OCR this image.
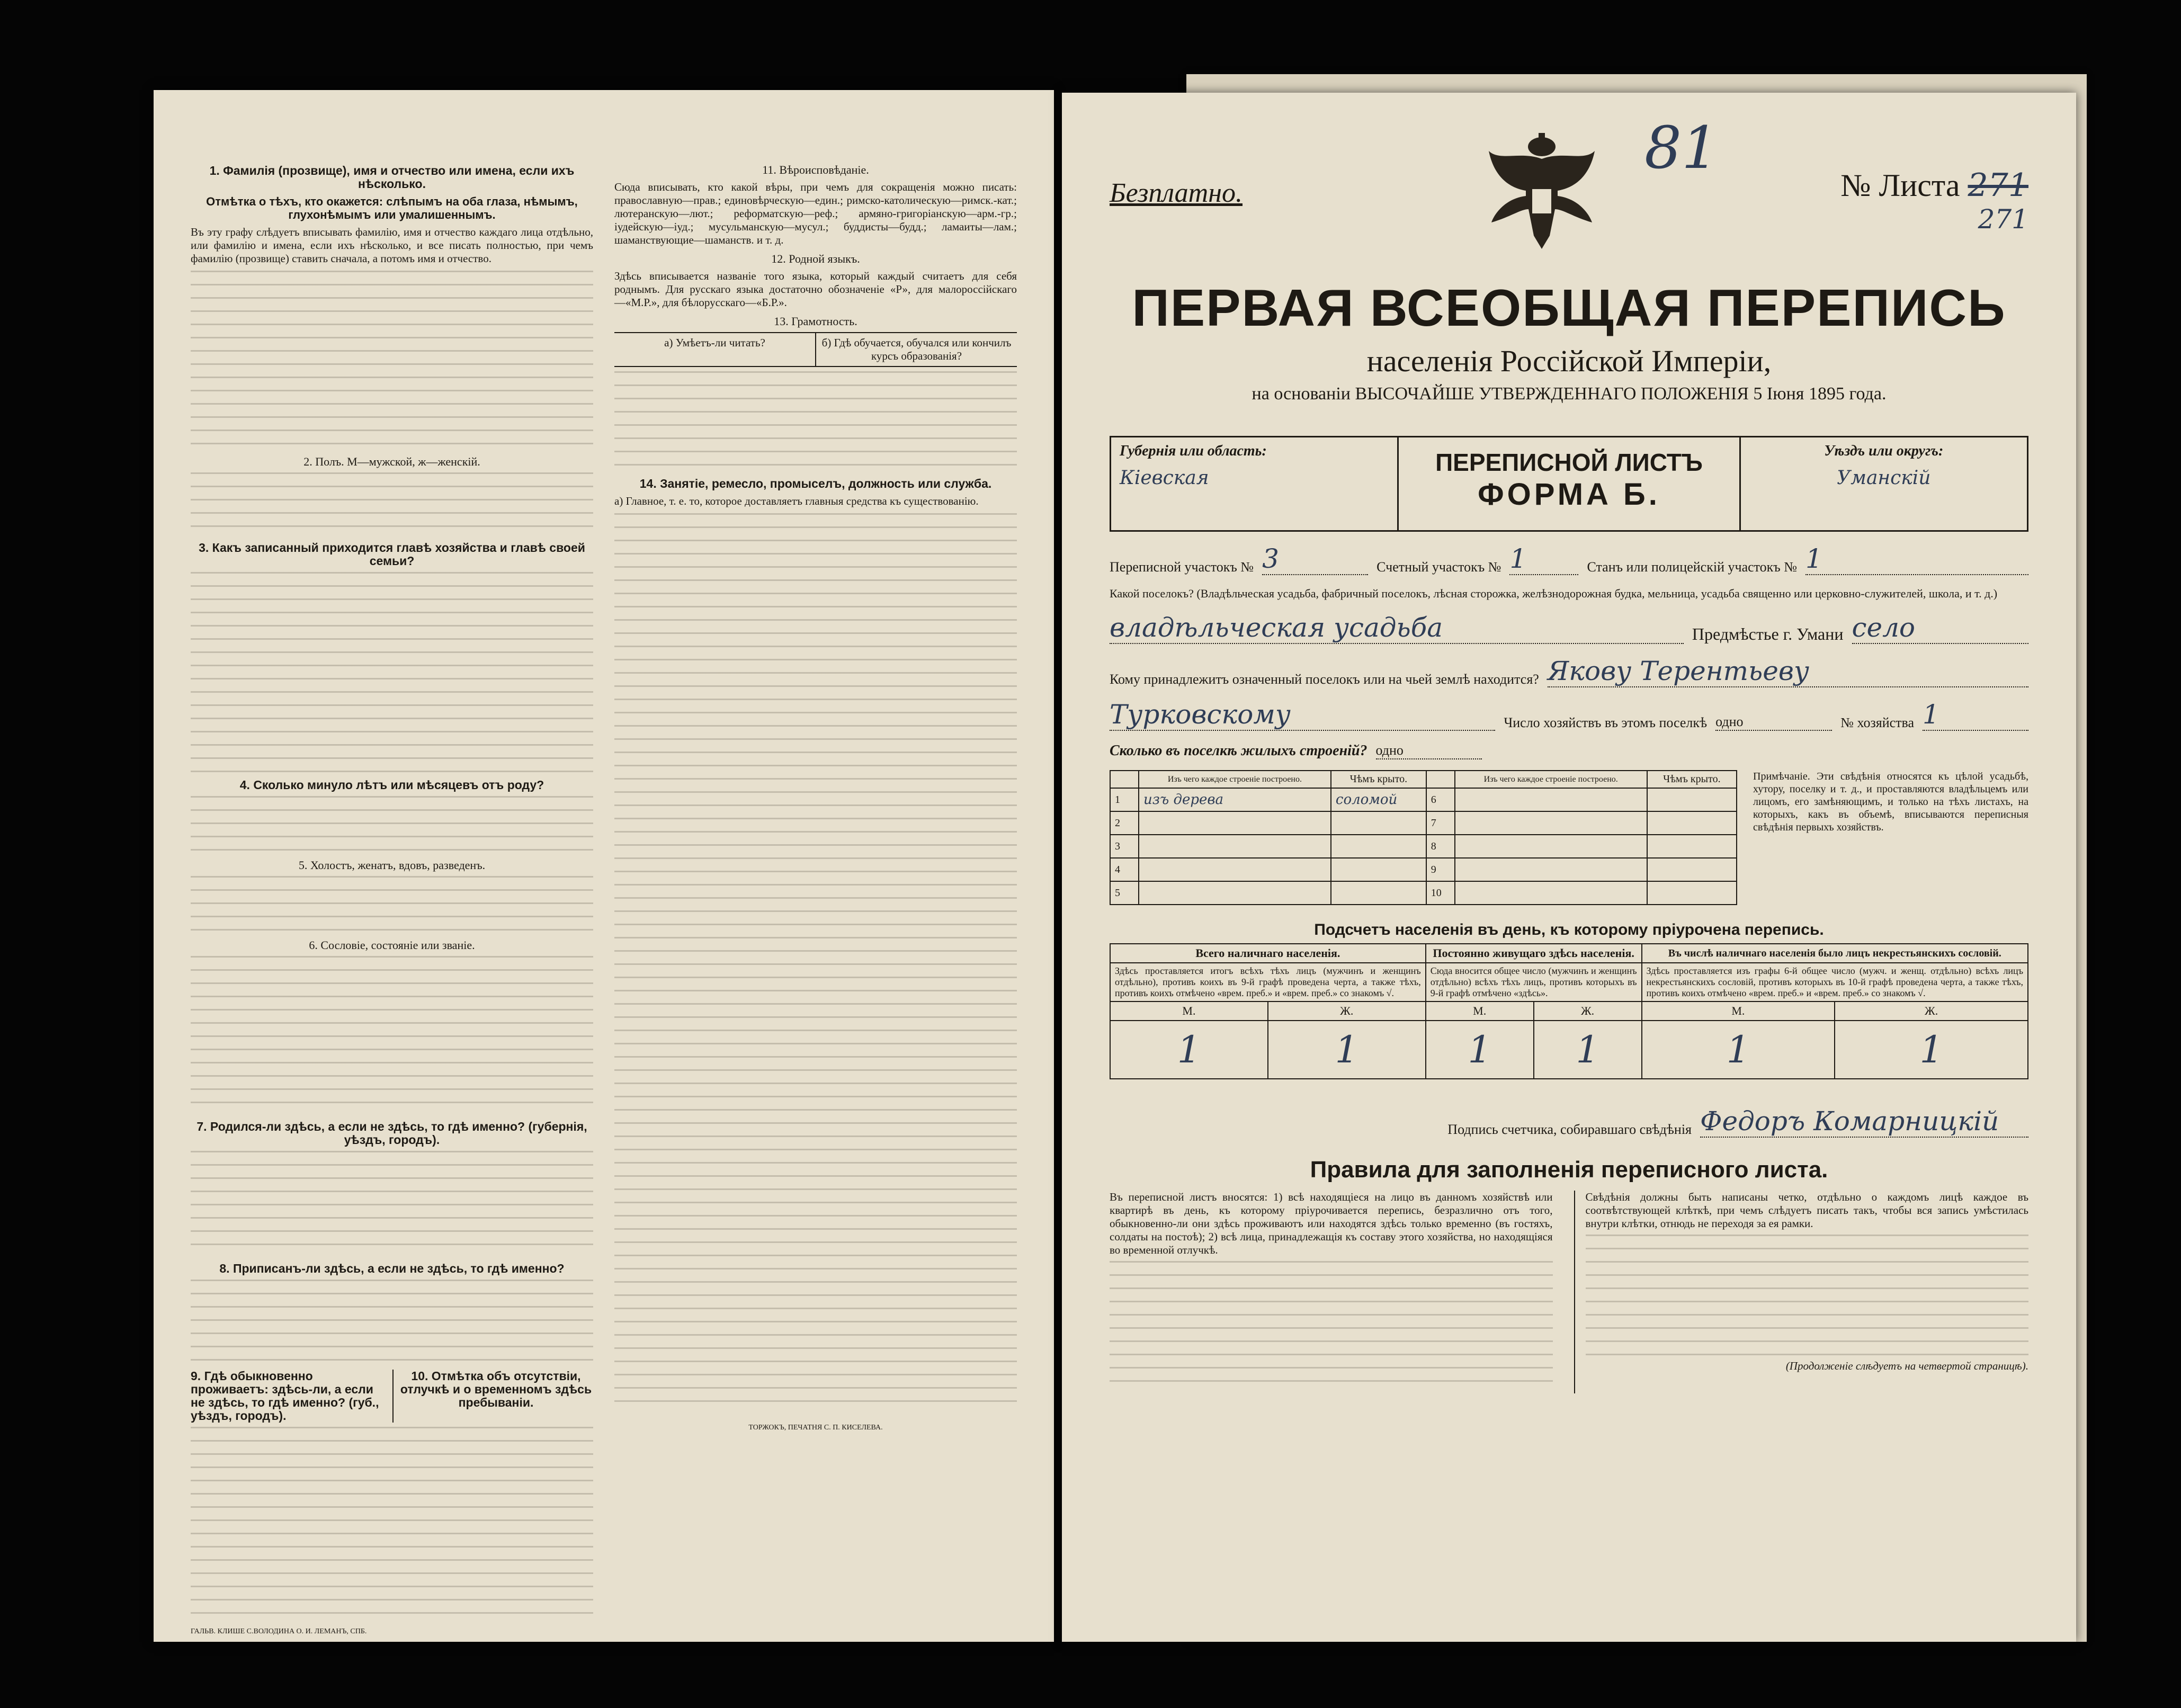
1. Фамилія (прозвище), имя и отчество или имена, если ихъ нѣсколько.
Отмѣтка о тѣхъ, кто окажется: слѣпымъ на оба глаза, нѣмымъ, глухонѣмымъ или умалишеннымъ.

Въ эту графу слѣдуетъ вписывать фамилію, имя и отчество каждаго лица отдѣльно, или фамилію и имена, если ихъ нѣсколько, и все писать полностью, при чемъ фамилію (прозвище) ставить сначала, а потомъ имя и отчество.

2. Полъ. М—мужской, ж—женскій.
3. Какъ записанный приходится главѣ хозяйства и главѣ своей семьи?
4. Сколько минуло лѣтъ или мѣсяцевъ отъ роду?
5. Холостъ, женатъ, вдовъ, разведенъ.
6. Сословіе, состояніе или званіе.
7. Родился-ли здѣсь, а если не здѣсь, то гдѣ именно? (губернія, уѣздъ, городъ).
8. Приписанъ-ли здѣсь, а если не здѣсь, то гдѣ именно?
9. Гдѣ обыкновенно проживаетъ: здѣсь-ли, а если не здѣсь, то гдѣ именно? (губ., уѣздъ, городъ).
10. Отмѣтка объ отсутствіи, отлучкѣ и о временномъ здѣсь пребываніи.
ГАЛЬВ. КЛИШЕ С.ВОЛОДИНА О. И. ЛЕМАНЪ, СПБ.
11. Вѣроисповѣданіе.

Сюда вписывать, кто какой вѣры, при чемъ для сокращенія можно писать: православную—прав.; единовѣрческую—един.; римско-католическую—римск.-кат.; лютеранскую—лют.; реформатскую—реф.; армяно-григоріанскую—арм.-гр.; іудейскую—іуд.; мусульманскую—мусул.; буддисты—будд.; ламаиты—лам.; шаманствующие—шаманств. и т. д.

12. Родной языкъ.

Здѣсь вписывается названіе того языка, который каждый считаетъ для себя роднымъ. Для русскаго языка достаточно обозначеніе «Р», для малороссійскаго—«М.Р.», для бѣлорусскаго—«Б.Р.».

13. Грамотность.
а) Умѣетъ-ли читать?	б) Гдѣ обучается, обучался или кончилъ курсъ образованія?
14. Занятіе, ремесло, промыселъ, должность или служба.

а) Главное, т. е. то, которое доставляетъ главныя средства къ существованію.

ТОРЖОКЪ, ПЕЧАТНЯ С. П. КИСЕЛЕВА.
81
Безплатно.	№ Листа 271
271
ПЕРВАЯ ВСЕОБЩАЯ ПЕРЕПИСЬ
населенія Россійской Имперіи,
на основаніи ВЫСОЧАЙШЕ УТВЕРЖДЕННАГО ПОЛОЖЕНІЯ 5 Іюня 1895 года.
Губернія или область:
Кіевская
ПЕРЕПИСНОЙ ЛИСТЪ
ФОРМА Б.
Уѣздъ или округъ:
Уманскій
Переписной участокъ № 3	Счетный участокъ № 1	Станъ или полицейскій участокъ № 1
Какой поселокъ? (Владѣльческая усадьба, фабричный поселокъ, лѣсная сторожка, желѣзнодорожная будка, мельница, усадьба священно или церковно-служителей, школа, и т. д.)
владѣльческая усадьба	Предмѣстье г. Умани село
Кому принадлежитъ означенный поселокъ или на чьей землѣ находится? Якову Терентьеву
Турковскому	Число хозяйствъ въ этомъ поселкѣ одно	№ хозяйства 1
Сколько въ поселкѣ жилыхъ строеній? одно
	Изъ чего каждое строеніе построено.	Чѣмъ крыто.		Изъ чего каждое строеніе построено.	Чѣмъ крыто.
1	изъ дерева	соломой	6		
2			7		
3			8		
4			9		
5			10		
Примѣчаніе. Эти свѣдѣнія относятся къ цѣлой усадьбѣ, хутору, поселку и т. д., и проставляются владѣльцемъ или лицомъ, его замѣняющимъ, и только на тѣхъ листахъ, на которыхъ, какъ въ объемѣ, вписываются переписныя свѣдѣнія первыхъ хозяйствъ.
Подсчетъ населенія въ день, къ которому пріурочена перепись.
Всего наличнаго населенія.		Постоянно живущаго здѣсь населенія.		Въ числѣ наличнаго населенія было лицъ некрестьянскихъ сословій.	
Здѣсь проставляется итогъ всѣхъ тѣхъ лицъ (мужчинъ и женщинъ отдѣльно), противъ коихъ въ 9-й графѣ проведена черта, а также тѣхъ, противъ коихъ отмѣчено «врем. преб.» и «врем. преб.» со знакомъ √.		Сюда вносится общее число (мужчинъ и женщинъ отдѣльно) всѣхъ тѣхъ лицъ, противъ которыхъ въ 9-й графѣ отмѣчено «здѣсь».		Здѣсь проставляется изъ графы 6-й общее число (мужч. и женщ. отдѣльно) всѣхъ лицъ некрестьянскихъ сословій, противъ которыхъ въ 10-й графѣ проведена черта, а также тѣхъ, противъ коихъ отмѣчено «врем. преб.» и «врем. преб.» со знакомъ √.	
М.	Ж.	М.	Ж.	М.	Ж.
1	1	1	1	1	1
Подпись счетчика, собиравшаго свѣдѣнія Федоръ Комарницкій
Правила для заполненія переписного листа.

Въ переписной листъ вносятся: 1) всѣ находящіеся на лицо въ данномъ хозяйствѣ или квартирѣ въ день, къ которому пріурочивается перепись, безразлично отъ того, обыкновенно-ли они здѣсь проживаютъ или находятся здѣсь только временно (въ гостяхъ, солдаты на постоѣ); 2) всѣ лица, принадлежащія къ составу этого хозяйства, но находящіяся во временной отлучкѣ.

Свѣдѣнія должны быть написаны четко, отдѣльно о каждомъ лицѣ каждое въ соотвѣтствующей клѣткѣ, при чемъ слѣдуетъ писать такъ, чтобы вся запись умѣстилась внутри клѣтки, отнюдь не переходя за ея рамки.

(Продолженіе слѣдуетъ на четвертой страницѣ).
